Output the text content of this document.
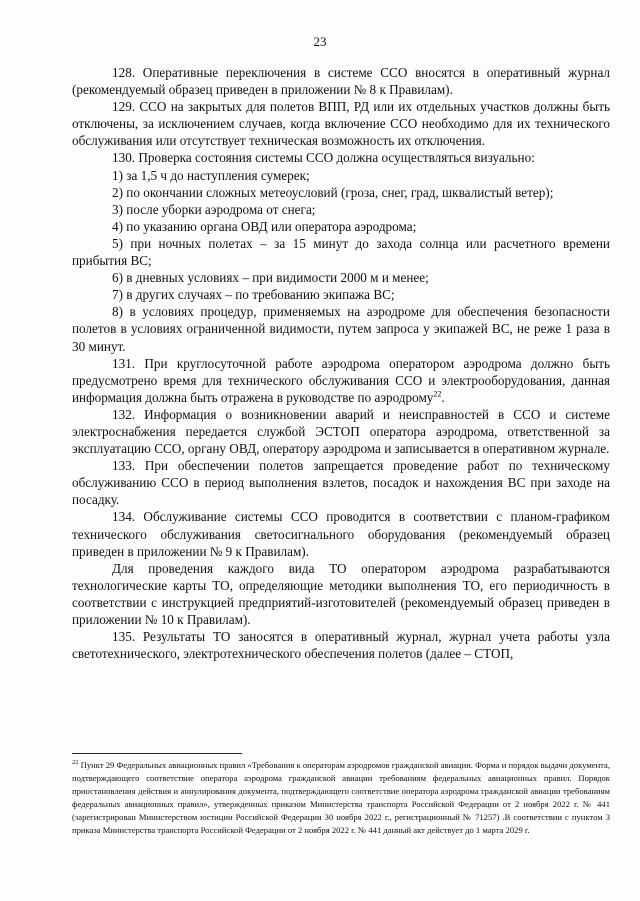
23

128. Оперативные переключения в системе ССО вносятся в оперативный журнал (рекомендуемый образец приведен в приложении № 8 к Правилам).

129. ССО на закрытых для полетов ВПП, РД или их отдельных участков должны быть отключены, за исключением случаев, когда включение ССО необходимо для их технического обслуживания или отсутствует техническая возможность их отключения.

130. Проверка состояния системы ССО должна осуществляться визуально:

1) за 1,5 ч до наступления сумерек;

2) по окончании сложных метеоусловий (гроза, снег, град, шквалистый ветер);

3) после уборки аэродрома от снега;

4) по указанию органа ОВД или оператора аэродрома;

5) при ночных полетах – за 15 минут до захода солнца или расчетного времени прибытия ВС;

6) в дневных условиях – при видимости 2000 м и менее;

7) в других случаях – по требованию экипажа ВС;

8) в условиях процедур, применяемых на аэродроме для обеспечения безопасности полетов в условиях ограниченной видимости, путем запроса у экипажей ВС, не реже 1 раза в 30 минут.

131. При круглосуточной работе аэродрома оператором аэродрома должно быть предусмотрено время для технического обслуживания ССО и электрооборудования, данная информация должна быть отражена в руководстве по аэродрому$^{22}$.

132. Информация о возникновении аварий и неисправностей в ССО и системе электроснабжения передается службой ЭСТОП оператора аэродрома, ответственной за эксплуатацию ССО, органу ОВД, оператору аэродрома и записывается в оперативном журнале.

133. При обеспечении полетов запрещается проведение работ по техническому обслуживанию ССО в период выполнения взлетов, посадок и нахождения ВС при заходе на посадку.

134. Обслуживание системы ССО проводится в соответствии с планом-графиком технического обслуживания светосигнального оборудования (рекомендуемый образец приведен в приложении № 9 к Правилам).

Для проведения каждого вида ТО оператором аэродрома разрабатываются технологические карты ТО, определяющие методики выполнения ТО, его периодичность в соответствии с инструкцией предприятий-изготовителей (рекомендуемый образец приведен в приложении № 10 к Правилам).

135. Результаты ТО заносятся в оперативный журнал, журнал учета работы узла светотехнического, электротехнического обеспечения полетов (далее – СТОП,

$^{22}$ Пункт 29 Федеральных авиационных правил «Требования к операторам аэродромов гражданской авиации. Форма и порядок выдачи документа, подтверждающего соответствие оператора аэродрома гражданской авиации требованиям федеральных авиационных правил. Порядок приостановления действия и аннулирования документа, подтверждающего соответствие оператора аэродрома гражданской авиации требованиям федеральных авиационных правил», утвержденных приказом Министерства транспорта Российской Федерации от 2 ноября 2022 г. № 441 (зарегистрирован Министерством юстиции Российской Федерации 30 ноября 2022 г., регистрационный № 71257) .В соответствии с пунктом 3 приказа Министерства транспорта Российской Федерации от 2 ноября 2022 г. № 441 данный акт действует до 1 марта 2029 г.
